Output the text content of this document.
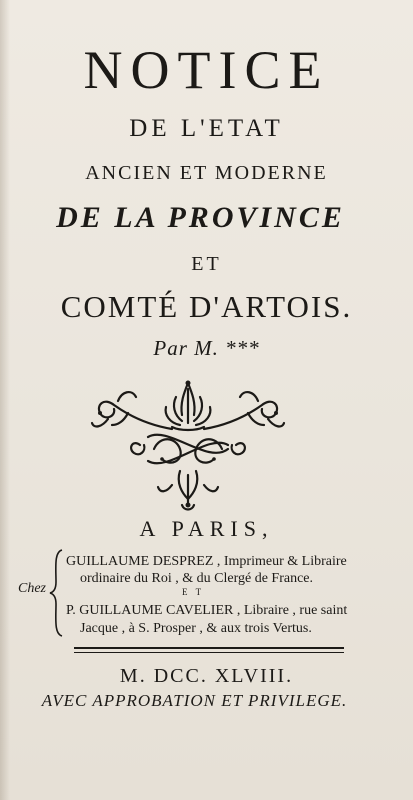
NOTICE
DE L'ETAT
ANCIEN ET MODERNE
DE LA PROVINCE
ET
COMTÉ D'ARTOIS.
Par M. ***
A PARIS,
Chez
GUILLAUME DESPREZ , Imprimeur & Libraire
ordinaire du Roi , & du Clergé de France.
E T
P. GUILLAUME CAVELIER , Libraire , rue saint
Jacque , à S. Prosper , & aux trois Vertus.
M. DCC. XLVIII.
AVEC APPROBATION ET PRIVILEGE.
